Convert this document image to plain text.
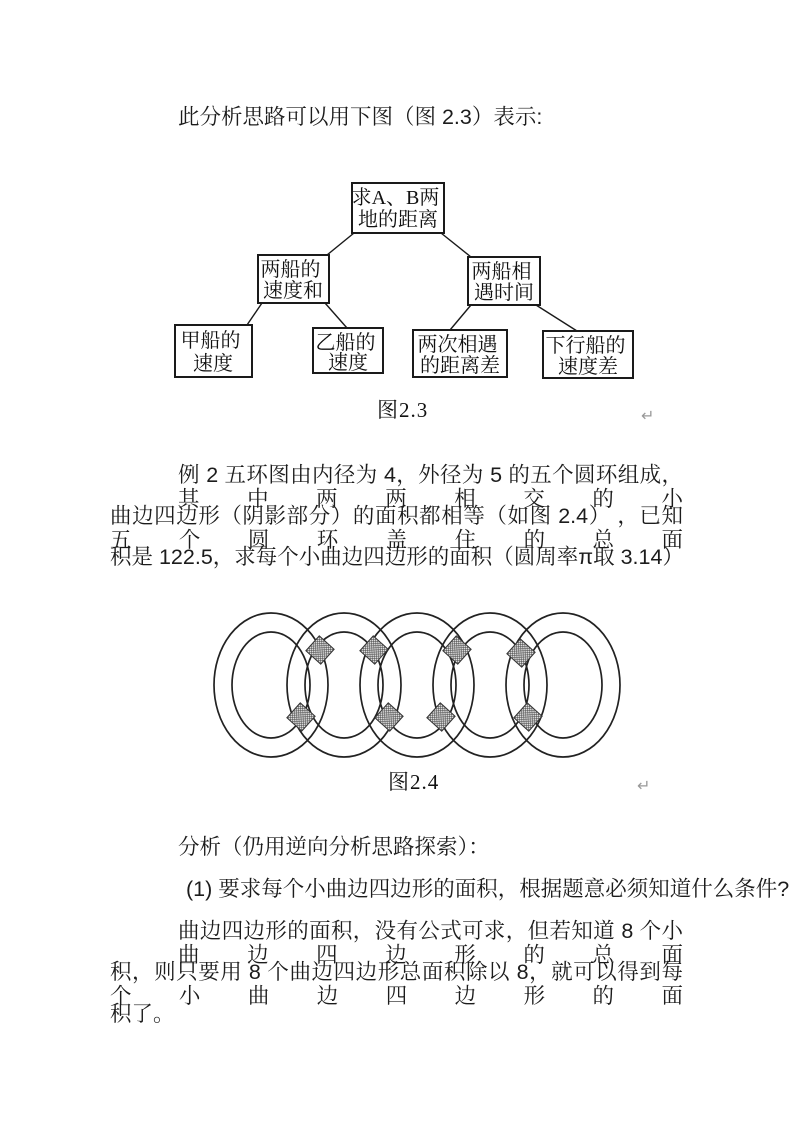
此分析思路可以用下图（图 2.3）表示:
求A、B两 地的距离
两船的 速度和
两船相 遇时间
甲船的 速度
乙船的 速度
两次相遇 的距离差
下行船的 速度差
图2.3	↵
例 2 五环图由内径为 4，外径为 5 的五个圆环组成，其中两两相交的小
曲边四边形（阴影部分）的面积都相等（如图 2.4） ，已知五个圆环盖住的总面
积是 122.5，求每个小曲边四边形的面积（圆周率π取 3.14）
图2.4	↵
分析（仍用逆向分析思路探索）：
(1) 要求每个小曲边四边形的面积，根据题意必须知道什么条件?
曲边四边形的面积，没有公式可求，但若知道 8 个小曲边四边形的总面
积，则只要用 8 个曲边四边形总面积除以 8，就可以得到每个小曲边四边形的面
积了。
